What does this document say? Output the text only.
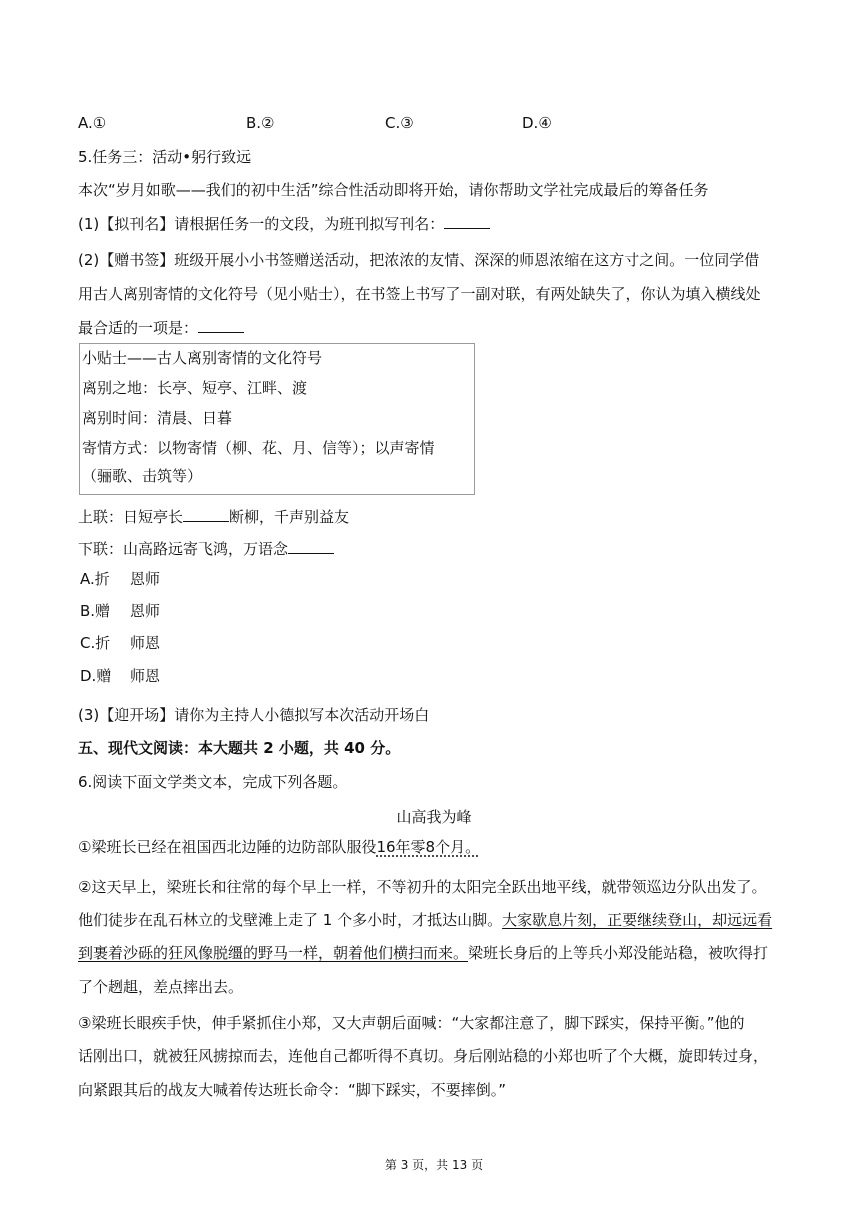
A.①	B.②	C.③	D.④
5.任务三：活动•躬行致远
本次“岁月如歌——我们的初中生活”综合性活动即将开始，请你帮助文学社完成最后的筹备任务
(1)【拟刊名】请根据任务一的文段，为班刊拟写刊名：
(2)【赠书签】班级开展小小书签赠送活动，把浓浓的友情、深深的师恩浓缩在这方寸之间。一位同学借
用古人离别寄情的文化符号（见小贴士），在书签上书写了一副对联，有两处缺失了，你认为填入横线处
最合适的一项是：
小贴士——古人离别寄情的文化符号
离别之地：长亭、短亭、江畔、渡
离别时间：清晨、日暮
寄情方式：以物寄情（柳、花、月、信等）；以声寄情
（骊歌、击筑等）
上联：日短亭长	断柳，千声别益友
下联：山高路远寄飞鸿，万语念
A.折 恩师
B.赠 恩师
C.折 师恩
D.赠 师恩
(3)【迎开场】请你为主持人小德拟写本次活动开场白
五、现代文阅读：本大题共 2 小题，共 40 分。
6.阅读下面文学类文本，完成下列各题。
山高我为峰
①梁班长已经在祖国西北边陲的边防部队服役16年零8个月。
②这天早上，梁班长和往常的每个早上一样，不等初升的太阳完全跃出地平线，就带领巡边分队出发了。
他们徒步在乱石林立的戈壁滩上走了 1 个多小时，才抵达山脚。大家歇息片刻，正要继续登山，却远远看
到裹着沙砾的狂风像脱缰的野马一样，朝着他们横扫而来。梁班长身后的上等兵小郑没能站稳，被吹得打
了个趔趄，差点摔出去。
③梁班长眼疾手快，伸手紧抓住小郑，又大声朝后面喊：“大家都注意了，脚下踩实，保持平衡。”他的
话刚出口，就被狂风掳掠而去，连他自己都听得不真切。身后刚站稳的小郑也听了个大概，旋即转过身，
向紧跟其后的战友大喊着传达班长命令：“脚下踩实，不要摔倒。”
第 3 页，共 13 页
